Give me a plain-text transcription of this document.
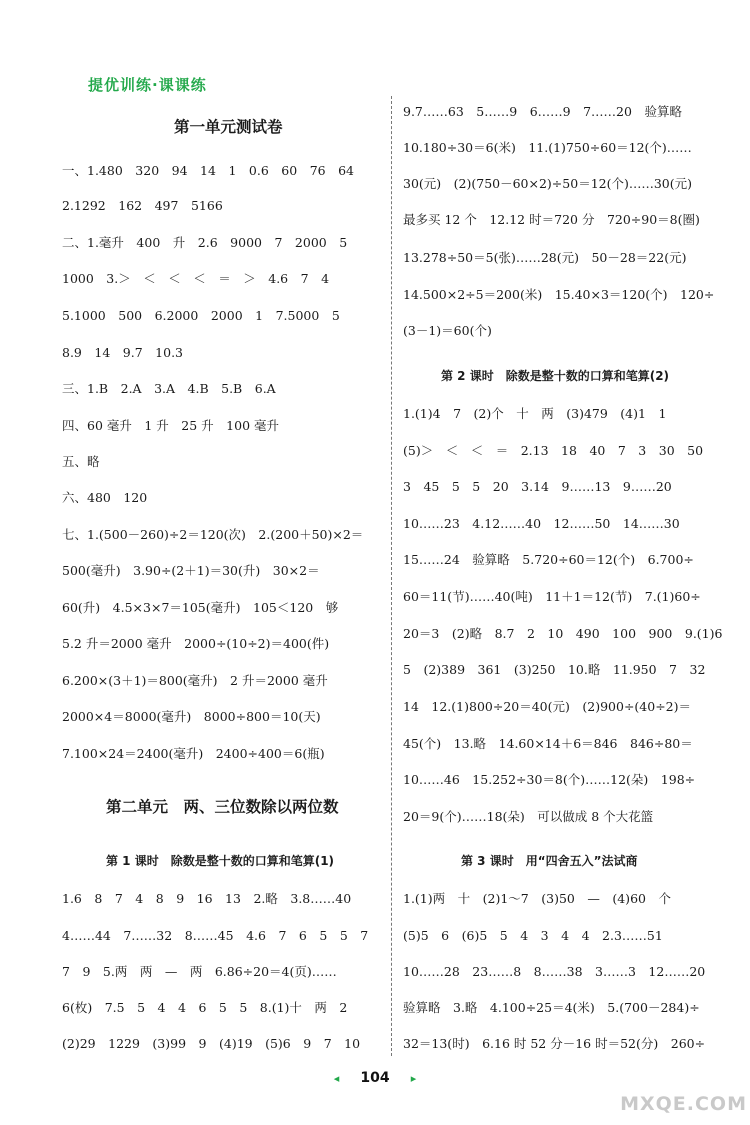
提优训练·课课练
第一单元测试卷
一、1.480　320　94　14　1　0.6　60　76　64
2.1292　162　497　5166
二、1.毫升　400　升　2.6　9000　7　2000　5
1000　3.＞　＜　＜　＜　＝　＞　4.6　7　4
5.1000　500　6.2000　2000　1　7.5000　5
8.9　14　9.7　10.3
三、1.B　2.A　3.A　4.B　5.B　6.A
四、60 毫升　1 升　25 升　100 毫升
五、略
六、480　120
七、1.(500－260)÷2＝120(次)　2.(200＋50)×2＝
500(毫升)　3.90÷(2＋1)＝30(升)　30×2＝
60(升)　4.5×3×7＝105(毫升)　105＜120　够
5.2 升＝2000 毫升　2000÷(10÷2)＝400(件)
6.200×(3＋1)＝800(毫升)　2 升＝2000 毫升
2000×4＝8000(毫升)　8000÷800＝10(天)
7.100×24＝2400(毫升)　2400÷400＝6(瓶)
第二单元　两、三位数除以两位数
第 1 课时　除数是整十数的口算和笔算(1)
1.6　8　7　4　8　9　16　13　2.略　3.8……40
4……44　7……32　8……45　4.6　7　6　5　5　7
7　9　5.两　两　—　两　6.86÷20＝4(页)……
6(枚)　7.5　5　4　4　6　5　5　8.(1)十　两　2
(2)29　1229　(3)99　9　(4)19　(5)6　9　7　10
9.7……63　5……9　6……9　7……20　验算略
10.180÷30＝6(米)　11.(1)750÷60＝12(个)……
30(元)　(2)(750－60×2)÷50＝12(个)……30(元)
最多买 12 个　12.12 时＝720 分　720÷90＝8(圈)
13.278÷50＝5(张)……28(元)　50－28＝22(元)
14.500×2÷5＝200(米)　15.40×3＝120(个)　120÷
(3－1)＝60(个)
第 2 课时　除数是整十数的口算和笔算(2)
1.(1)4　7　(2)个　十　两　(3)479　(4)1　1
(5)＞　＜　＜　＝　2.13　18　40　7　3　30　50
3　45　5　5　20　3.14　9……13　9……20
10……23　4.12……40　12……50　14……30
15……24　验算略　5.720÷60＝12(个)　6.700÷
60＝11(节)……40(吨)　11＋1＝12(节)　7.(1)60÷
20＝3　(2)略　8.7　2　10　490　100　900　9.(1)6
5　(2)389　361　(3)250　10.略　11.950　7　32
14　12.(1)800÷20＝40(元)　(2)900÷(40÷2)＝
45(个)　13.略　14.60×14＋6＝846　846÷80＝
10……46　15.252÷30＝8(个)……12(朵)　198÷
20＝9(个)……18(朵)　可以做成 8 个大花篮
第 3 课时　用“四舍五入”法试商
1.(1)两　十　(2)1～7　(3)50　—　(4)60　个
(5)5　6　(6)5　5　4　3　4　4　2.3……51
10……28　23……8　8……38　3……3　12……20
验算略　3.略　4.100÷25＝4(米)　5.(700－284)÷
32＝13(时)　6.16 时 52 分－16 时＝52(分)　260÷
◂ 104 ▸
MXQE.COM
